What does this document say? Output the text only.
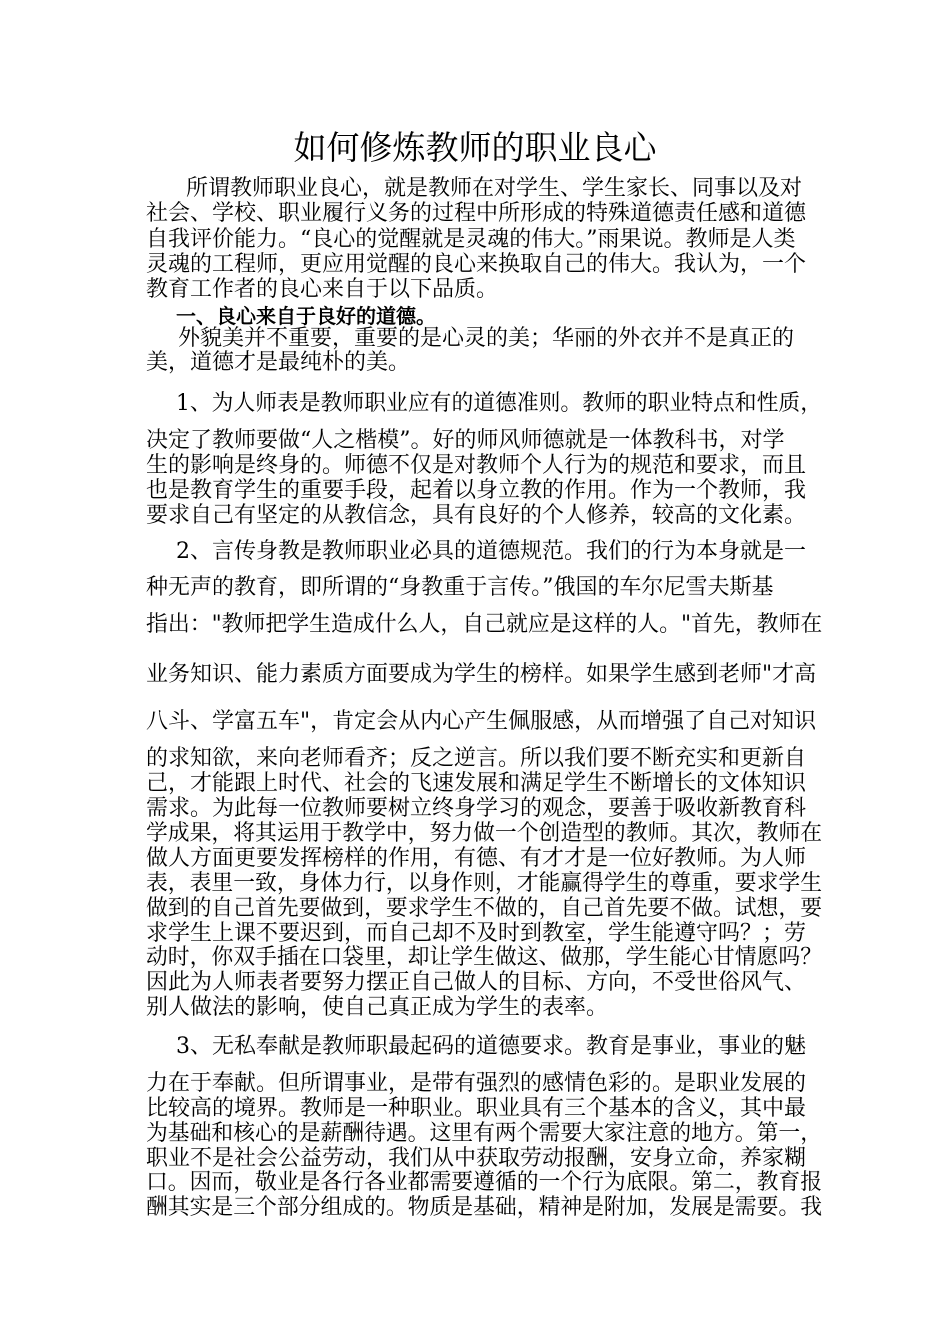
如何修炼教师的职业良心

所谓教师职业良心，就是教师在对学生、学生家长、同事以及对

社会、学校、职业履行义务的过程中所形成的特殊道德责任感和道德

自我评价能力。“良心的觉醒就是灵魂的伟大。”雨果说。教师是人类

灵魂的工程师，更应用觉醒的良心来换取自己的伟大。我认为，一个

教育工作者的良心来自于以下品质。

一、良心来自于良好的道德。

外貌美并不重要，重要的是心灵的美；华丽的外衣并不是真正的

美，道德才是最纯朴的美。

1、为人师表是教师职业应有的道德准则。教师的职业特点和性质，

决定了教师要做“人之楷模”。好的师风师德就是一体教科书，对学

生的影响是终身的。师德不仅是对教师个人行为的规范和要求，而且

也是教育学生的重要手段，起着以身立教的作用。作为一个教师，我

要求自己有坚定的从教信念，具有良好的个人修养，较高的文化素。

2、言传身教是教师职业必具的道德规范。我们的行为本身就是一

种无声的教育，即所谓的“身教重于言传。”俄国的车尔尼雪夫斯基

指出："教师把学生造成什么人，自己就应是这样的人。"首先，教师在

业务知识、能力素质方面要成为学生的榜样。如果学生感到老师"才高

八斗、学富五车"，肯定会从内心产生佩服感，从而增强了自己对知识

的求知欲，来向老师看齐；反之逆言。所以我们要不断充实和更新自

己，才能跟上时代、社会的飞速发展和满足学生不断增长的文体知识

需求。为此每一位教师要树立终身学习的观念，要善于吸收新教育科

学成果，将其运用于教学中，努力做一个创造型的教师。其次，教师在

做人方面更要发挥榜样的作用，有德、有才才是一位好教师。为人师

表，表里一致，身体力行，以身作则，才能赢得学生的尊重，要求学生

做到的自己首先要做到，要求学生不做的，自己首先要不做。试想，要

求学生上课不要迟到，而自己却不及时到教室，学生能遵守吗？；劳

动时，你双手插在口袋里，却让学生做这、做那，学生能心甘情愿吗？

因此为人师表者要努力摆正自己做人的目标、方向，不受世俗风气、

别人做法的影响，使自己真正成为学生的表率。

3、无私奉献是教师职最起码的道德要求。教育是事业，事业的魅

力在于奉献。但所谓事业，是带有强烈的感情色彩的。是职业发展的

比较高的境界。教师是一种职业。职业具有三个基本的含义，其中最

为基础和核心的是薪酬待遇。这里有两个需要大家注意的地方。第一，

职业不是社会公益劳动，我们从中获取劳动报酬，安身立命，养家糊

口。因而，敬业是各行各业都需要遵循的一个行为底限。第二，教育报

酬其实是三个部分组成的。物质是基础，精神是附加，发展是需要。我
